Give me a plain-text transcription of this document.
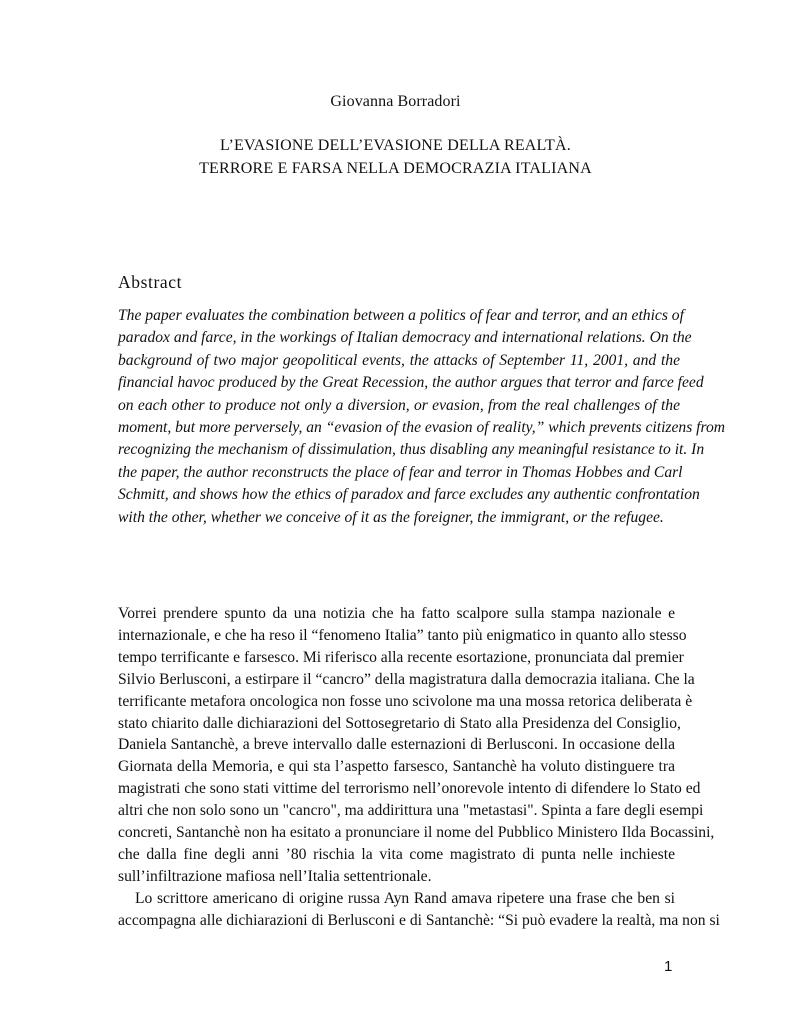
Giovanna Borradori
L’EVASIONE DELL’EVASIONE DELLA REALTÀ.
TERRORE E FARSA NELLA DEMOCRAZIA ITALIANA
Abstract
The paper evaluates the combination between a politics of fear and terror, and an ethics of
paradox and farce, in the workings of Italian democracy and international relations. On the
background of two major geopolitical events, the attacks of September 11, 2001, and the
financial havoc produced by the Great Recession, the author argues that terror and farce feed
on each other to produce not only a diversion, or evasion, from the real challenges of the
moment, but more perversely, an “evasion of the evasion of reality,” which prevents citizens from
recognizing the mechanism of dissimulation, thus disabling any meaningful resistance to it. In
the paper, the author reconstructs the place of fear and terror in Thomas Hobbes and Carl
Schmitt, and shows how the ethics of paradox and farce excludes any authentic confrontation
with the other, whether we conceive of it as the foreigner, the immigrant, or the refugee.
Vorrei prendere spunto da una notizia che ha fatto scalpore sulla stampa nazionale e
internazionale, e che ha reso il “fenomeno Italia” tanto più enigmatico in quanto allo stesso
tempo terrificante e farsesco. Mi riferisco alla recente esortazione, pronunciata dal premier
Silvio Berlusconi, a estirpare il “cancro” della magistratura dalla democrazia italiana. Che la
terrificante metafora oncologica non fosse uno scivolone ma una mossa retorica deliberata è
stato chiarito dalle dichiarazioni del Sottosegretario di Stato alla Presidenza del Consiglio,
Daniela Santanchè, a breve intervallo dalle esternazioni di Berlusconi. In occasione della
Giornata della Memoria, e qui sta l’aspetto farsesco, Santanchè ha voluto distinguere tra
magistrati che sono stati vittime del terrorismo nell’onorevole intento di difendere lo Stato ed
altri che non solo sono un "cancro", ma addirittura una "metastasi". Spinta a fare degli esempi
concreti, Santanchè non ha esitato a pronunciare il nome del Pubblico Ministero Ilda Bocassini,
che dalla fine degli anni ’80 rischia la vita come magistrato di punta nelle inchieste
sull’infiltrazione mafiosa nell’Italia settentrionale.
Lo scrittore americano di origine russa Ayn Rand amava ripetere una frase che ben si
accompagna alle dichiarazioni di Berlusconi e di Santanchè: “Si può evadere la realtà, ma non si
1
